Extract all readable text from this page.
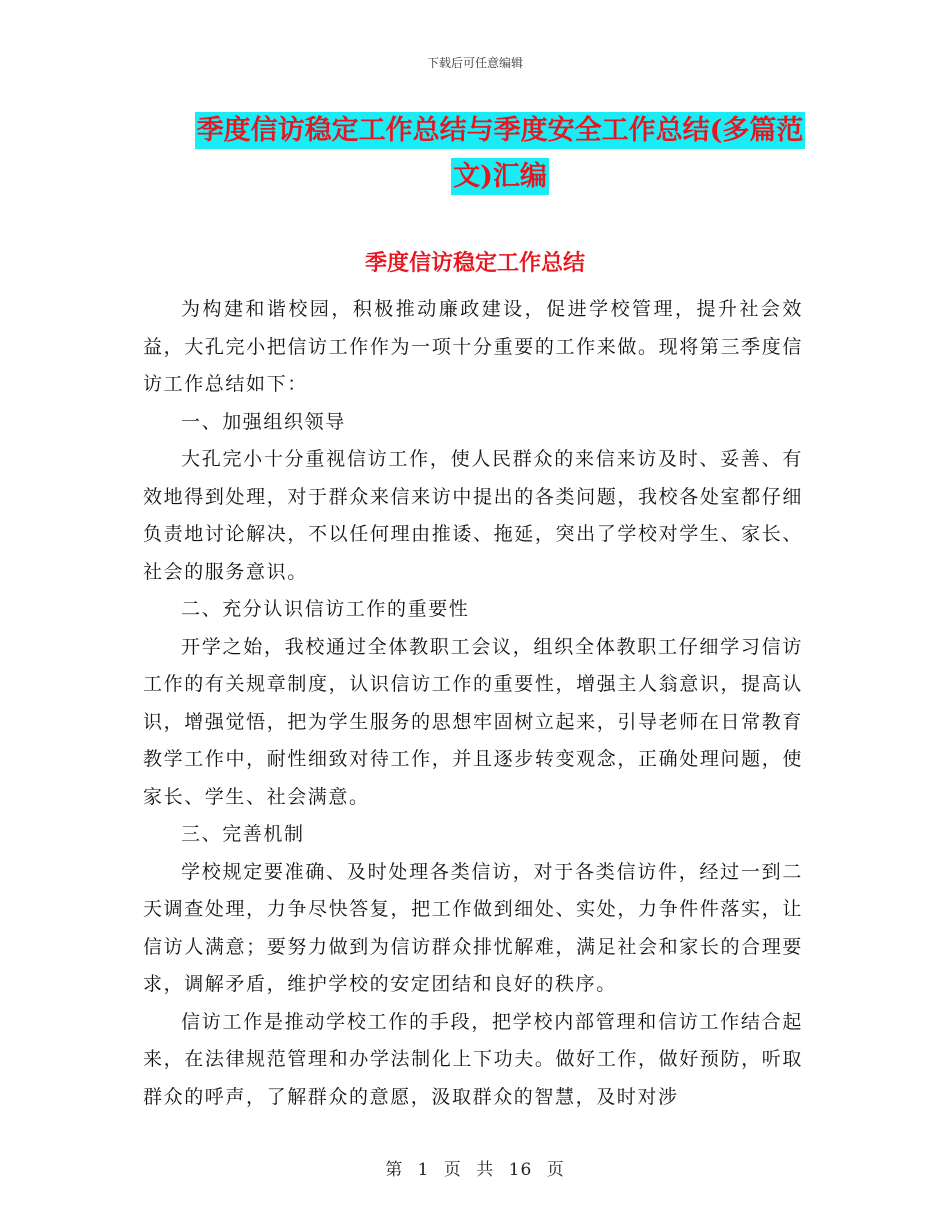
下载后可任意编辑
季度信访稳定工作总结与季度安全工作总结(多篇范
文)汇编
季度信访稳定工作总结

为构建和谐校园，积极推动廉政建设，促进学校管理，提升社会效益，大孔完小把信访工作作为一项十分重要的工作来做。现将第三季度信访工作总结如下：

一、加强组织领导

大孔完小十分重视信访工作，使人民群众的来信来访及时、妥善、有效地得到处理，对于群众来信来访中提出的各类问题，我校各处室都仔细负责地讨论解决，不以任何理由推诿、拖延，突出了学校对学生、家长、社会的服务意识。

二、充分认识信访工作的重要性

开学之始，我校通过全体教职工会议，组织全体教职工仔细学习信访工作的有关规章制度，认识信访工作的重要性，增强主人翁意识，提高认识，增强觉悟，把为学生服务的思想牢固树立起来，引导老师在日常教育教学工作中，耐性细致对待工作，并且逐步转变观念，正确处理问题，使家长、学生、社会满意。

三、完善机制

学校规定要准确、及时处理各类信访，对于各类信访件，经过一到二天调查处理，力争尽快答复，把工作做到细处、实处，力争件件落实，让信访人满意；要努力做到为信访群众排忧解难，满足社会和家长的合理要求，调解矛盾，维护学校的安定团结和良好的秩序。

信访工作是推动学校工作的手段，把学校内部管理和信访工作结合起来，在法律规范管理和办学法制化上下功夫。做好工作，做好预防，听取群众的呼声，了解群众的意愿，汲取群众的智慧，及时对涉

第 1 页 共 16 页
